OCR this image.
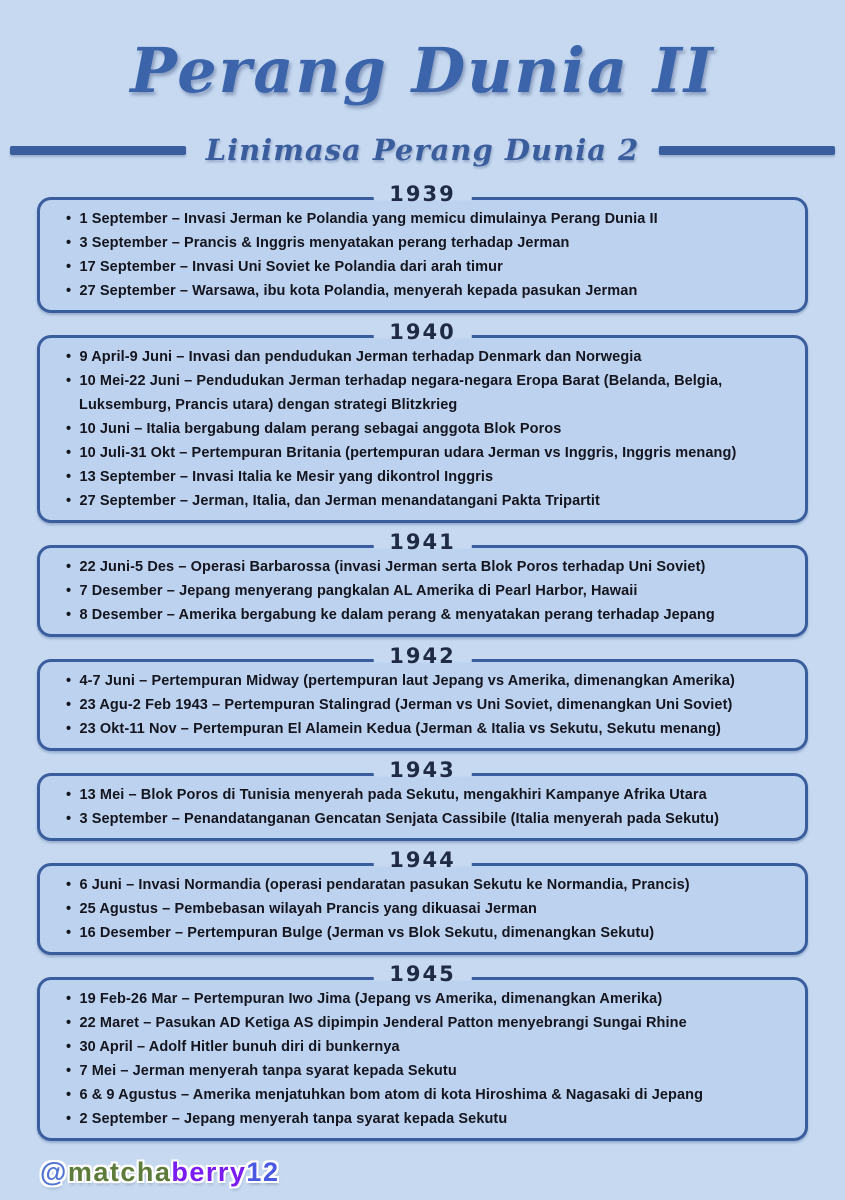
Perang Dunia II
Linimasa Perang Dunia 2
1939
•  1 September – Invasi Jerman ke Polandia yang memicu dimulainya Perang Dunia II
•  3 September – Prancis & Inggris menyatakan perang terhadap Jerman
•  17 September – Invasi Uni Soviet ke Polandia dari arah timur
•  27 September – Warsawa, ibu kota Polandia, menyerah kepada pasukan Jerman
1940
•  9 April-9 Juni – Invasi dan pendudukan Jerman terhadap Denmark dan Norwegia
•  10 Mei-22 Juni – Pendudukan Jerman terhadap negara-negara Eropa Barat (Belanda, Belgia, Luksemburg, Prancis utara) dengan strategi Blitzkrieg
•  10 Juni – Italia bergabung dalam perang sebagai anggota Blok Poros
•  10 Juli-31 Okt – Pertempuran Britania (pertempuran udara Jerman vs Inggris, Inggris menang)
•  13 September – Invasi Italia ke Mesir yang dikontrol Inggris
•  27 September – Jerman, Italia, dan Jerman menandatangani Pakta Tripartit
1941
•  22 Juni-5 Des – Operasi Barbarossa (invasi Jerman serta Blok Poros terhadap Uni Soviet)
•  7 Desember – Jepang menyerang pangkalan AL Amerika di Pearl Harbor, Hawaii
•  8 Desember – Amerika bergabung ke dalam perang & menyatakan perang terhadap Jepang
1942
•  4-7 Juni – Pertempuran Midway (pertempuran laut Jepang vs Amerika, dimenangkan Amerika)
•  23 Agu-2 Feb 1943 – Pertempuran Stalingrad (Jerman vs Uni Soviet, dimenangkan Uni Soviet)
•  23 Okt-11 Nov – Pertempuran El Alamein Kedua (Jerman & Italia vs Sekutu, Sekutu menang)
1943
•  13 Mei – Blok Poros di Tunisia menyerah pada Sekutu, mengakhiri Kampanye Afrika Utara
•  3 September – Penandatanganan Gencatan Senjata Cassibile (Italia menyerah pada Sekutu)
1944
•  6 Juni – Invasi Normandia (operasi pendaratan pasukan Sekutu ke Normandia, Prancis)
•  25 Agustus – Pembebasan wilayah Prancis yang dikuasai Jerman
•  16 Desember – Pertempuran Bulge (Jerman vs Blok Sekutu, dimenangkan Sekutu)
1945
•  19 Feb-26 Mar – Pertempuran Iwo Jima (Jepang vs Amerika, dimenangkan Amerika)
•  22 Maret – Pasukan AD Ketiga AS dipimpin Jenderal Patton menyebrangi Sungai Rhine
•  30 April – Adolf Hitler bunuh diri di bunkernya
•  7 Mei – Jerman menyerah tanpa syarat kepada Sekutu
•  6 & 9 Agustus – Amerika menjatuhkan bom atom di kota Hiroshima & Nagasaki di Jepang
•  2 September – Jepang menyerah tanpa syarat kepada Sekutu
@matchaberry12
